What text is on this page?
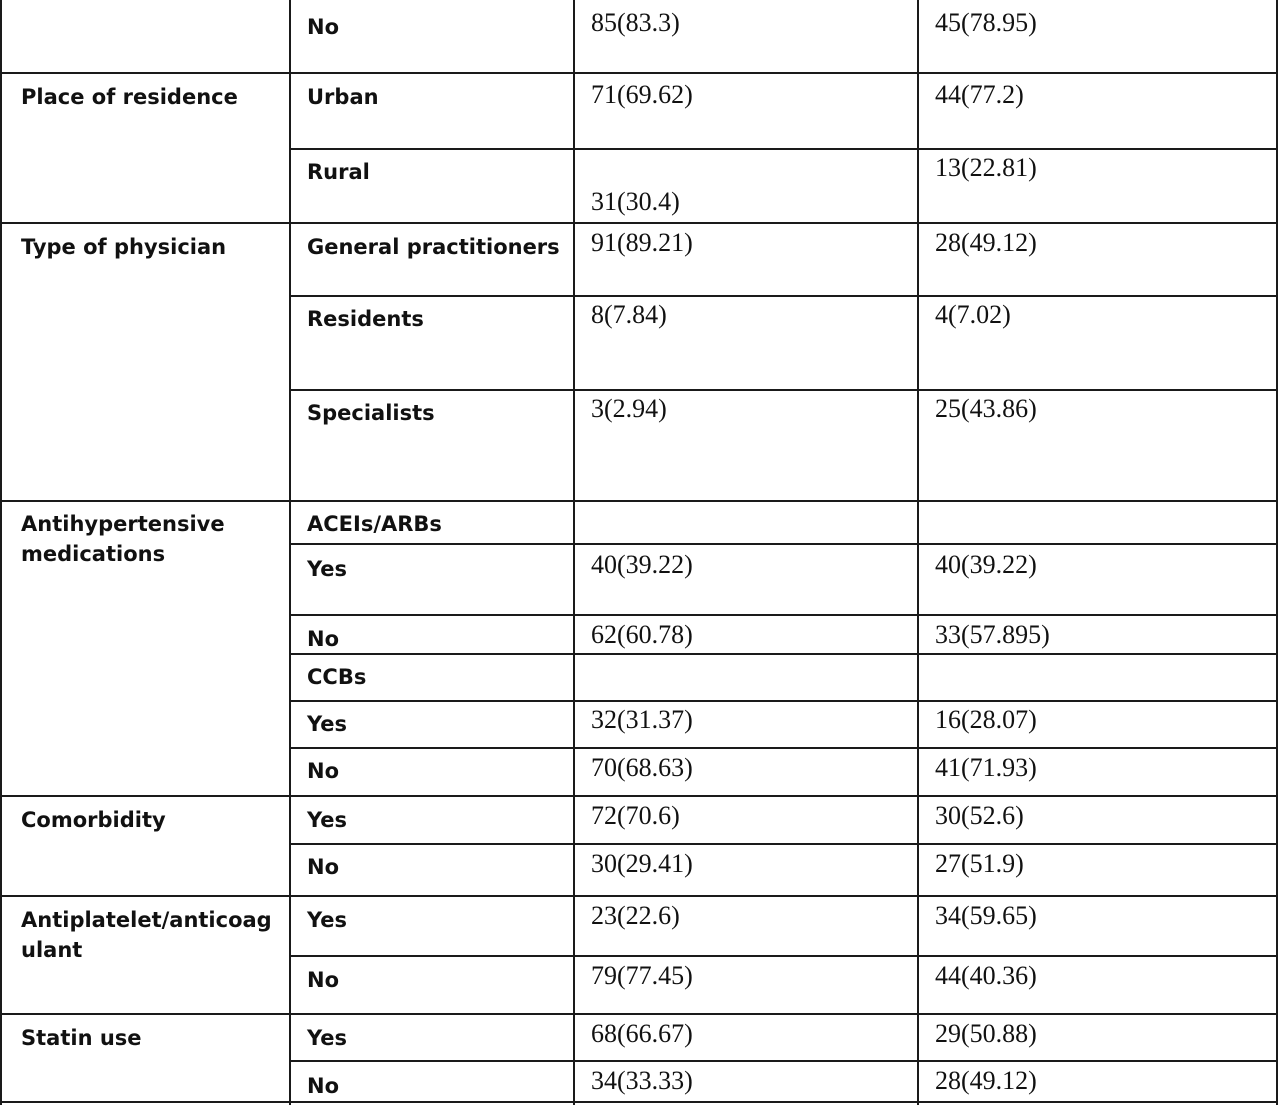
Place of residence
Type of physician
Antihypertensive medications
Comorbidity
Antiplatelet/anticoag ulant
Statin use
No
Urban
Rural
General practitioners
Residents
Specialists
ACEIs/ARBs
Yes
No
CCBs
Yes
No
Yes
No
Yes
No
Yes
No
85(83.3)
71(69.62)
31(30.4)
91(89.21)
8(7.84)
3(2.94)
40(39.22)
62(60.78)
32(31.37)
70(68.63)
72(70.6)
30(29.41)
23(22.6)
79(77.45)
68(66.67)
34(33.33)
45(78.95)
44(77.2)
13(22.81)
28(49.12)
4(7.02)
25(43.86)
40(39.22)
33(57.895)
16(28.07)
41(71.93)
30(52.6)
27(51.9)
34(59.65)
44(40.36)
29(50.88)
28(49.12)
